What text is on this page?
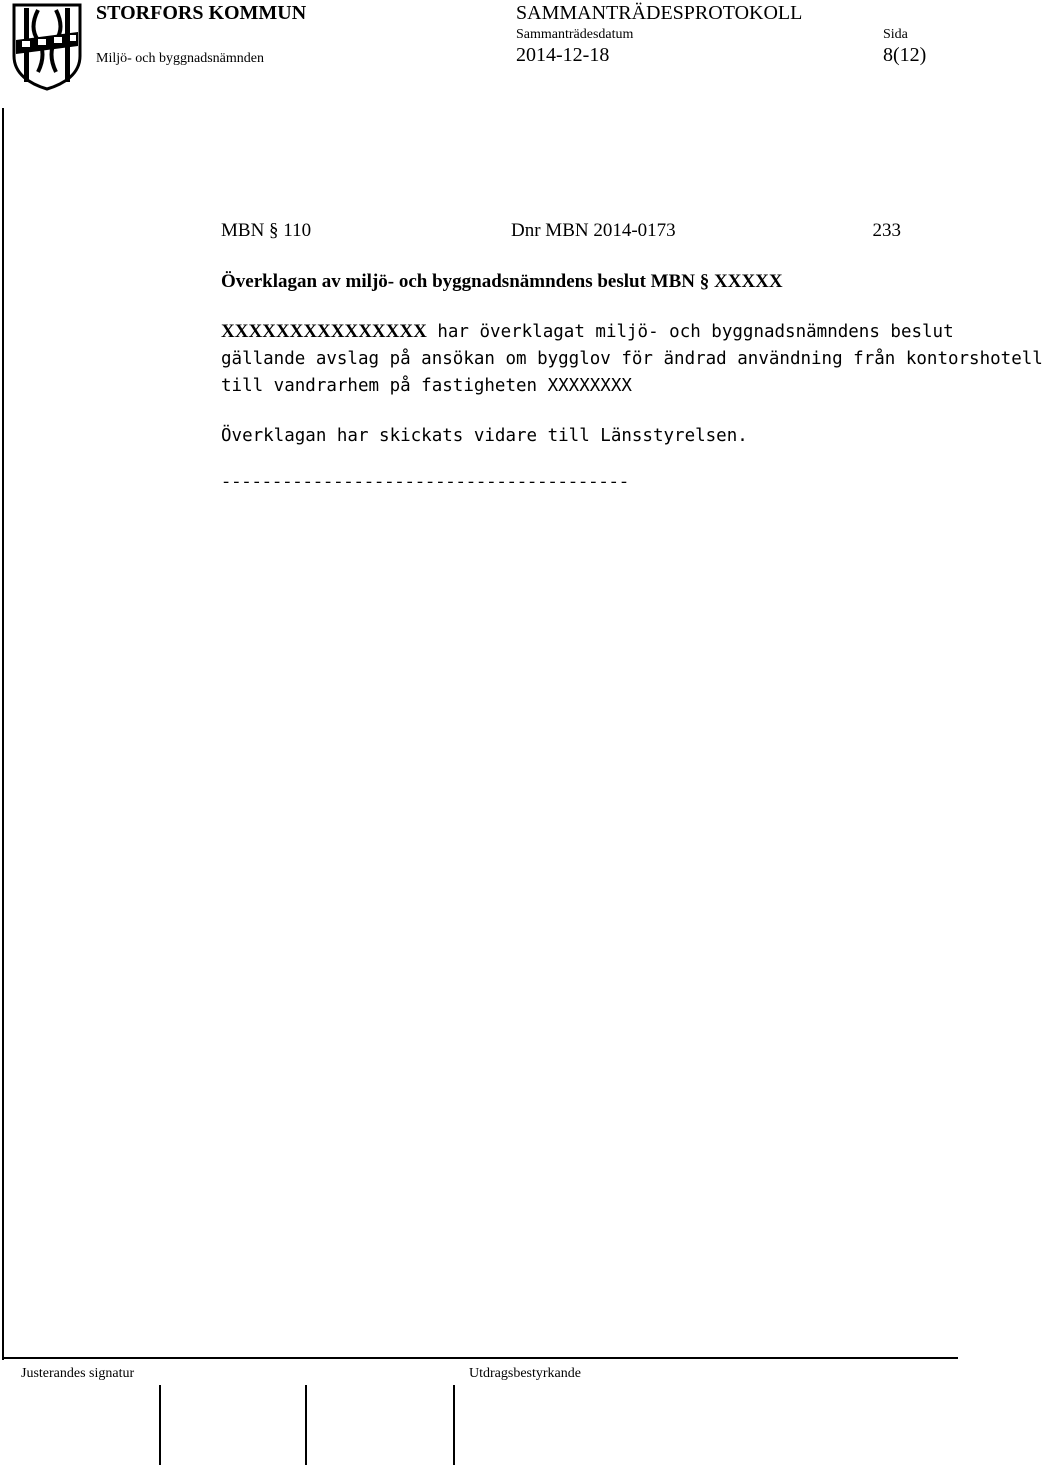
STORFORS KOMMUN
Miljö- och byggnadsnämnden
SAMMANTRÄDESPROTOKOLL
Sammanträdesdatum	Sida
2014-12-18	8(12)
MBN § 110	Dnr MBN 2014-0173	233
Överklagan av miljö- och byggnadsnämndens beslut MBN § XXXXX
XXXXXXXXXXXXXXX har överklagat miljö- och byggnadsnämndens beslut
gällande avslag på ansökan om bygglov för ändrad användning från kontorshotell
till vandrarhem på fastigheten XXXXXXXX
Överklagan har skickats vidare till Länsstyrelsen.
----------------------------------------
Justerandes signatur	Utdragsbestyrkande
